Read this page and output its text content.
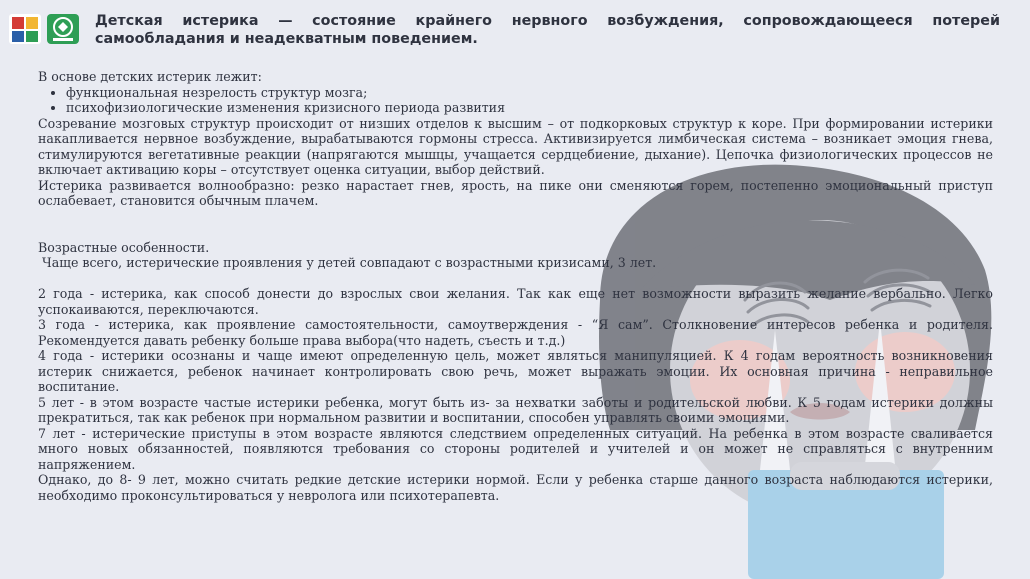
Детская истерика — состояние крайнего нервного возбуждения, сопровождающееся потерей самообладания и неадекватным поведением.

В основе детских истерик лежит:

• функциональная незрелость структур мозга;
• психофизиологические изменения кризисного периода развития

Созревание мозговых структур происходит от низших отделов к высшим – от подкорковых структур к коре. При формировании истерики накапливается нервное возбуждение, вырабатываются гормоны стресса. Активизируется лимбическая система – возникает эмоция гнева, стимулируются вегетативные реакции (напрягаются мышцы, учащается сердцебиение, дыхание). Цепочка физиологических процессов не включает активацию коры – отсутствует оценка ситуации, выбор действий.

Истерика развивается волнообразно: резко нарастает гнев, ярость, на пике они сменяются горем, постепенно эмоциональный приступ ослабевает, становится обычным плачем.

Возрастные особенности.

Чаще всего, истерические проявления у детей совпадают с возрастными кризисами, 3 лет.

2 года - истерика, как способ донести до взрослых свои желания. Так как еще нет возможности выразить желание вербально. Легко успокаиваются, переключаются.

3 года - истерика, как проявление самостоятельности, самоутверждения - “Я сам”. Столкновение интересов ребенка и родителя. Рекомендуется давать ребенку больше права выбора(что надеть, съесть и т.д.)

4 года - истерики осознаны и чаще имеют определенную цель, может являться манипуляцией. К 4 годам вероятность возникновения истерик снижается, ребенок начинает контролировать свою речь, может выражать эмоции. Их основная причина - неправильное воспитание.

5 лет - в этом возрасте частые истерики ребенка, могут быть из- за нехватки заботы и родительской любви. К 5 годам истерики должны прекратиться, так как ребенок при нормальном развитии и воспитании, способен управлять своими эмоциями.

7 лет - истерические приступы в этом возрасте являются следствием определенных ситуаций. На ребенка в этом возрасте сваливается много новых обязанностей, появляются требования со стороны родителей и учителей и он может не справляться с внутренним напряжением.

Однако, до 8- 9 лет, можно считать редкие детские истерики нормой. Если у ребенка старше данного возраста наблюдаются истерики, необходимо проконсультироваться у невролога или психотерапевта.
